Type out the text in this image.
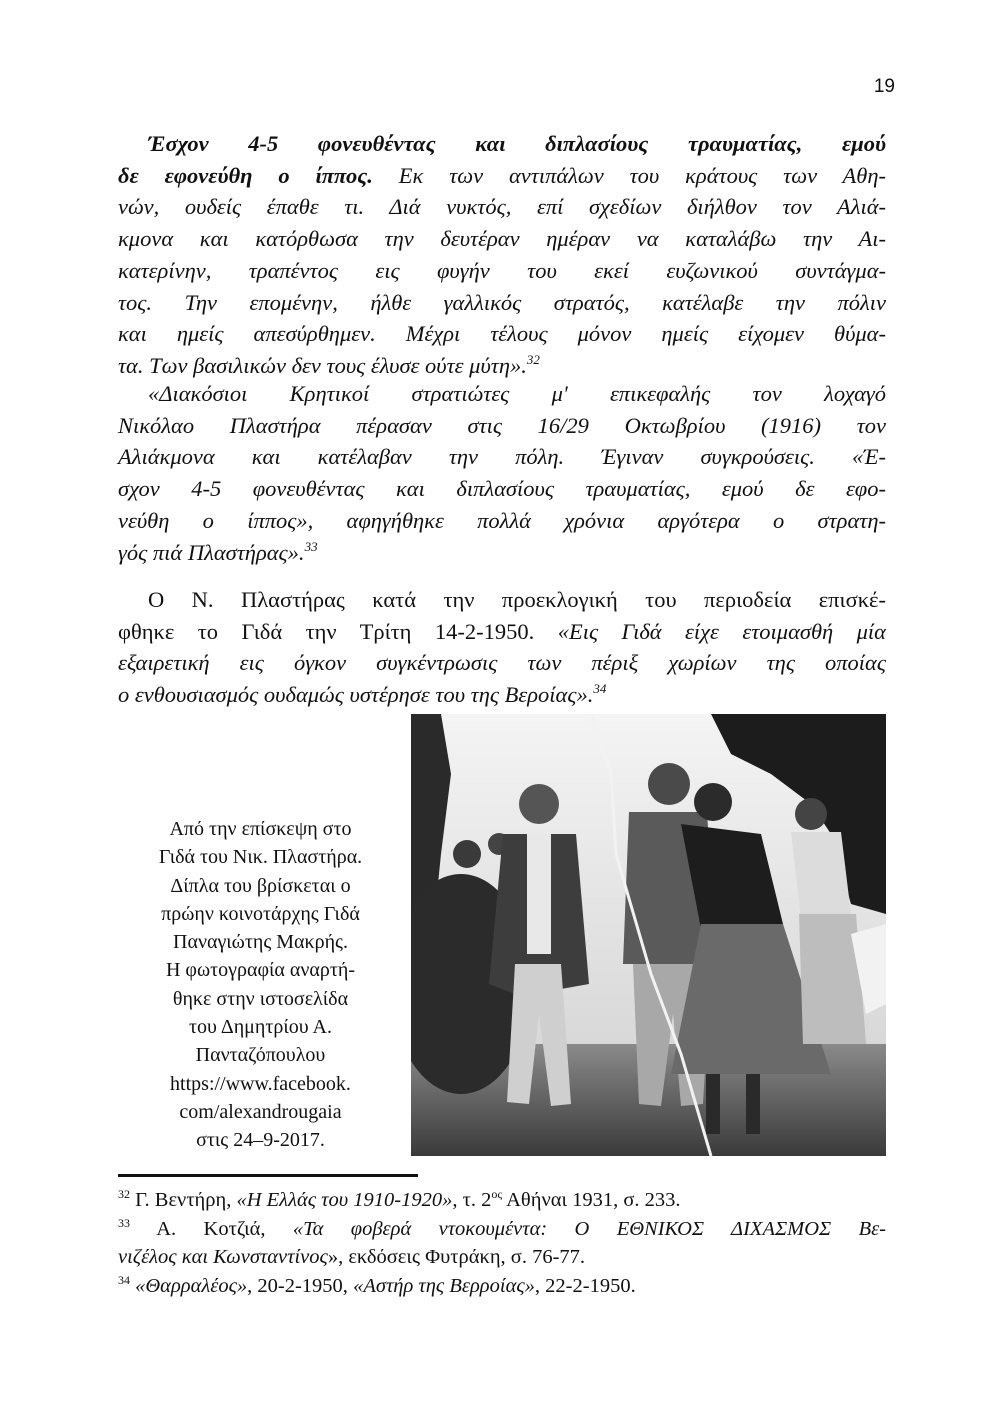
19
Έσχον 4-5 φονευθέντας και διπλασίους τραυματίας, εμού
δε εφονεύθη ο ίππος. Εκ των αντιπάλων του κράτους των Αθη-
νών, ουδείς έπαθε τι. Διά νυκτός, επί σχεδίων διήλθον τον Αλιά-
κμονα και κατόρθωσα την δευτέραν ημέραν να καταλάβω την Αι-
κατερίνην, τραπέντος εις φυγήν του εκεί ευζωνικού συντάγμα-
τος. Την επομένην, ήλθε γαλλικός στρατός, κατέλαβε την πόλιν
και ημείς απεσύρθημεν. Μέχρι τέλους μόνον ημείς είχομεν θύμα-
τα. Των βασιλικών δεν τους έλυσε ούτε μύτη».$^{32}$
«Διακόσιοι Κρητικοί στρατιώτες μ' επικεφαλής τον λοχαγό
Νικόλαο Πλαστήρα πέρασαν στις 16/29 Οκτωβρίου (1916) τον
Αλιάκμονα και κατέλαβαν την πόλη. Έγιναν συγκρούσεις. «Έ-
σχον 4-5 φονευθέντας και διπλασίους τραυματίας, εμού δε εφο-
νεύθη ο ίππος», αφηγήθηκε πολλά χρόνια αργότερα ο στρατη-
γός πιά Πλαστήρας».$^{33}$
Ο Ν. Πλαστήρας κατά την προεκλογική του περιοδεία επισκέ-
φθηκε το Γιδά την Τρίτη 14-2-1950. «Εις Γιδά είχε ετοιμασθή μία
εξαιρετική εις όγκον συγκέντρωσις των πέριξ χωρίων της οποίας
ο ενθουσιασμός ουδαμώς υστέρησε του της Βεροίας».$^{34}$
Από την επίσκεψη στο
Γιδά του Νικ. Πλαστήρα.
Δίπλα του βρίσκεται ο
πρώην κοινοτάρχης Γιδά
Παναγιώτης Μακρής.
Η φωτογραφία αναρτή-
θηκε στην ιστοσελίδα
του Δημητρίου Α.
Πανταζόπουλου
https://www.facebook.
com/alexandrougaia
στις 24–9-2017.
$^{32}$ Γ. Βεντήρη, «Η Ελλάς του 1910-1920», τ. $2^{o\varsigma}$ Αθήναι 1931, σ. 233.
$^{33}$ Α. Κοτζιά, «Τα φοβερά ντοκουμέντα: Ο ΕΘΝΙΚΟΣ ΔΙΧΑΣΜΟΣ Βε-
νιζέλος και Κωνσταντίνος», εκδόσεις Φυτράκη, σ. 76-77.
$^{34}$ «Θαρραλέος», 20-2-1950, «Αστήρ της Βερροίας», 22-2-1950.
